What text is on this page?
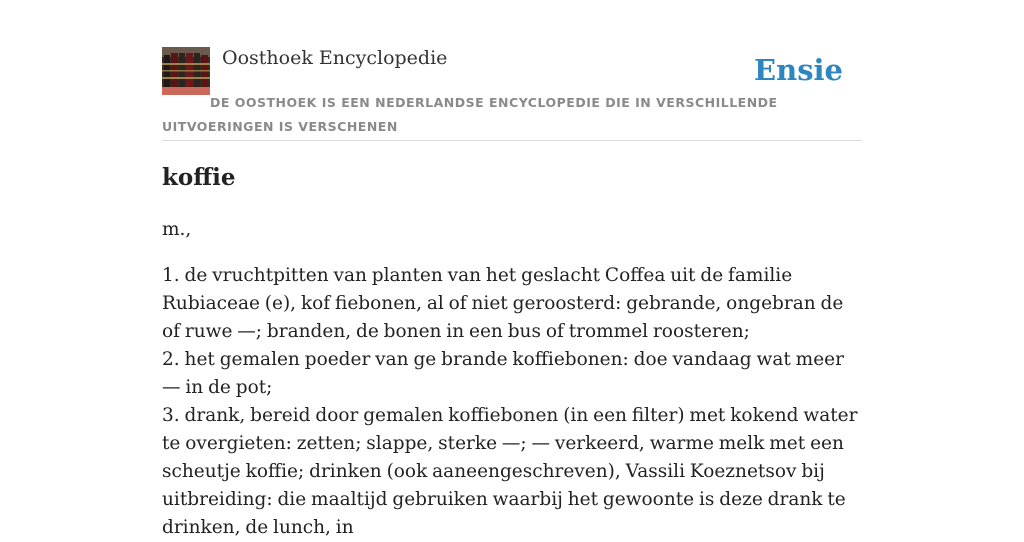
Oosthoek Encyclopedie	Ensie
DE OOSTHOEK IS EEN NEDERLANDSE ENCYCLOPEDIE DIE IN VERSCHILLENDE UITVOERINGEN IS VERSCHENEN
koffie

m.,

1. de vruchtpitten van planten van het geslacht Coffea uit de familie Rubiaceae (e), kof fiebonen, al of niet geroosterd: gebrande, ongebran de of ruwe —; branden, de bonen in een bus of trommel roosteren;
2. het gemalen poeder van ge brande koffiebonen: doe vandaag wat meer — in de pot;
3. drank, bereid door gemalen koffiebonen (in een filter) met kokend water te overgieten: zetten; slappe, sterke —; — verkeerd, warme melk met een scheutje koffie; drinken (ook aaneengeschreven), Vassili Koeznetsov bij uitbreiding: die maaltijd gebruiken waarbij het gewoonte is deze drank te drinken, de lunch, in
